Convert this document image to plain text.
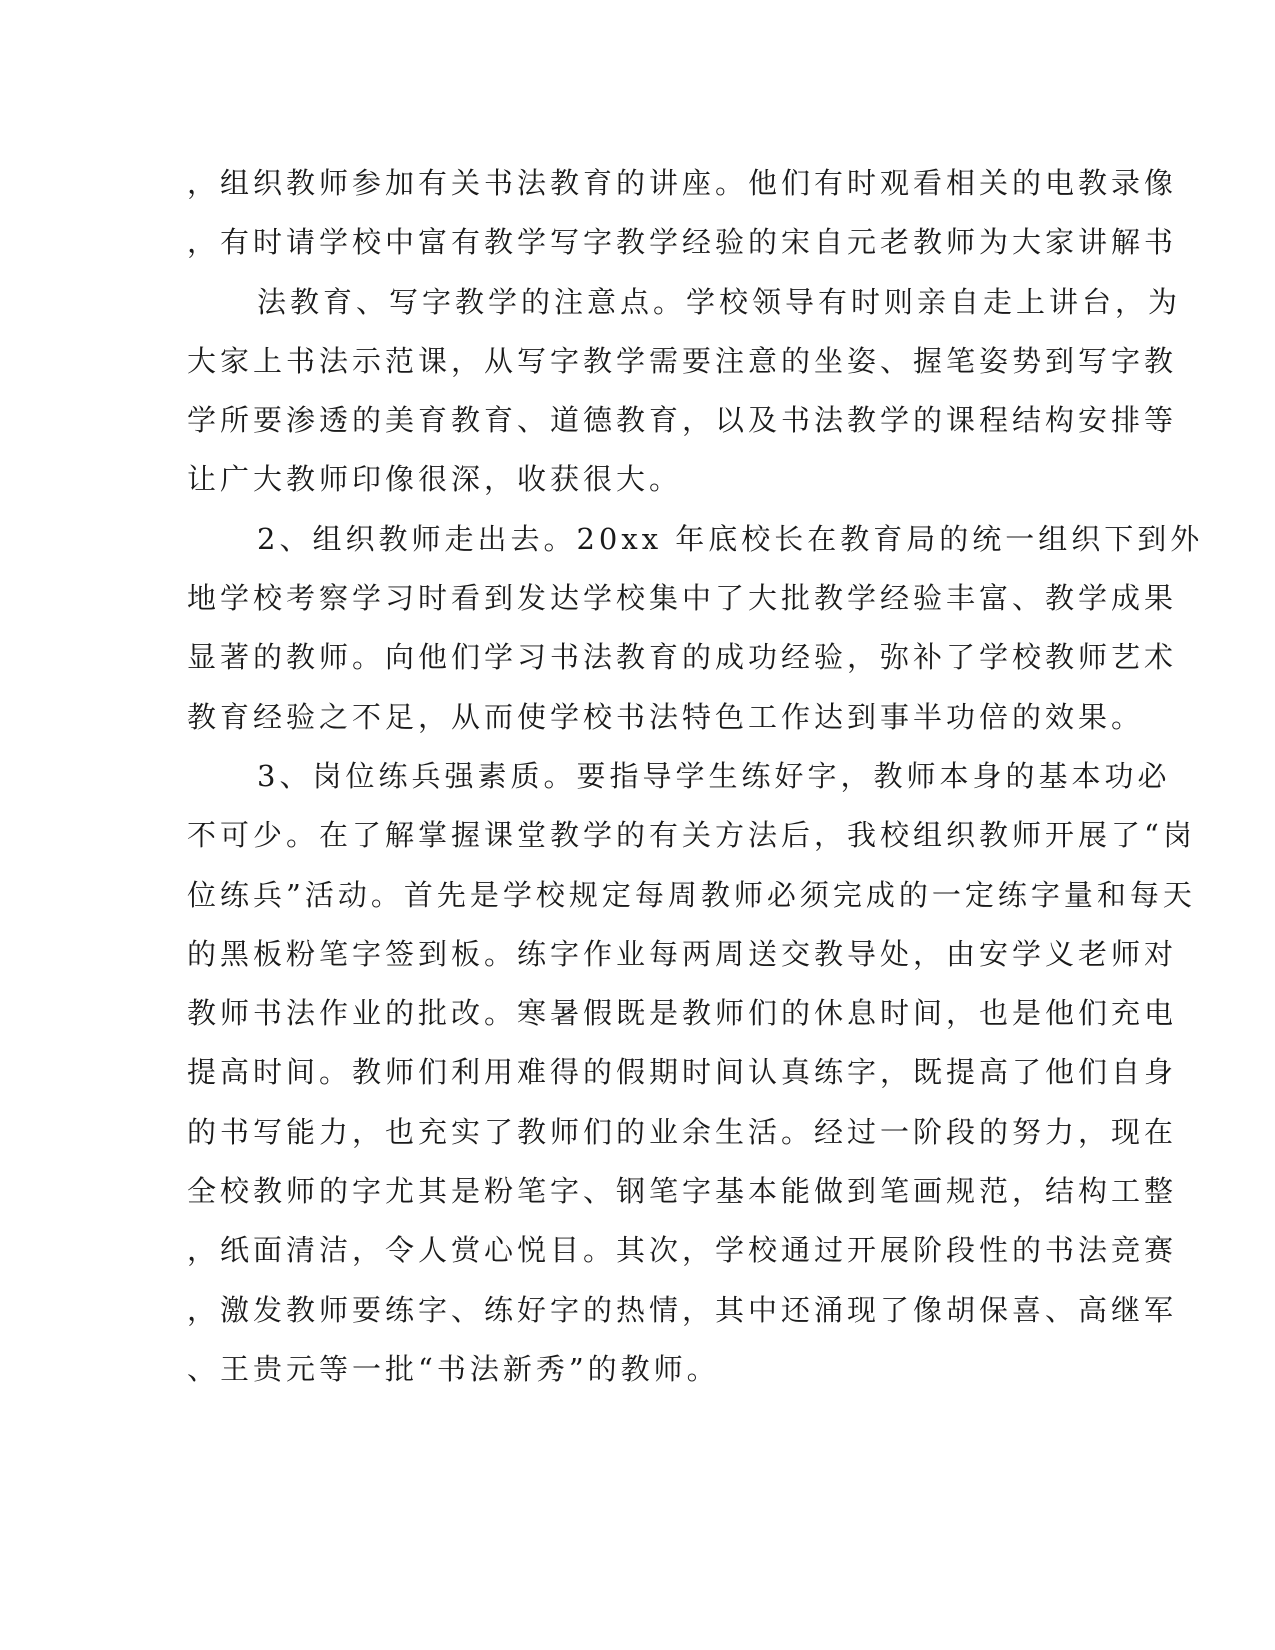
，组织教师参加有关书法教育的讲座。他们有时观看相关的电教录像
，有时请学校中富有教学写字教学经验的宋自元老教师为大家讲解书
法教育、写字教学的注意点。学校领导有时则亲自走上讲台，为
大家上书法示范课，从写字教学需要注意的坐姿、握笔姿势到写字教
学所要渗透的美育教育、道德教育，以及书法教学的课程结构安排等
让广大教师印像很深，收获很大。
2、组织教师走出去。20xx 年底校长在教育局的统一组织下到外
地学校考察学习时看到发达学校集中了大批教学经验丰富、教学成果
显著的教师。向他们学习书法教育的成功经验，弥补了学校教师艺术
教育经验之不足，从而使学校书法特色工作达到事半功倍的效果。
3、岗位练兵强素质。要指导学生练好字，教师本身的基本功必
不可少。在了解掌握课堂教学的有关方法后，我校组织教师开展了“岗
位练兵”活动。首先是学校规定每周教师必须完成的一定练字量和每天
的黑板粉笔字签到板。练字作业每两周送交教导处，由安学义老师对
教师书法作业的批改。寒暑假既是教师们的休息时间，也是他们充电
提高时间。教师们利用难得的假期时间认真练字，既提高了他们自身
的书写能力，也充实了教师们的业余生活。经过一阶段的努力，现在
全校教师的字尤其是粉笔字、钢笔字基本能做到笔画规范，结构工整
，纸面清洁，令人赏心悦目。其次，学校通过开展阶段性的书法竞赛
，激发教师要练字、练好字的热情，其中还涌现了像胡保喜、高继军
、王贵元等一批“书法新秀”的教师。
